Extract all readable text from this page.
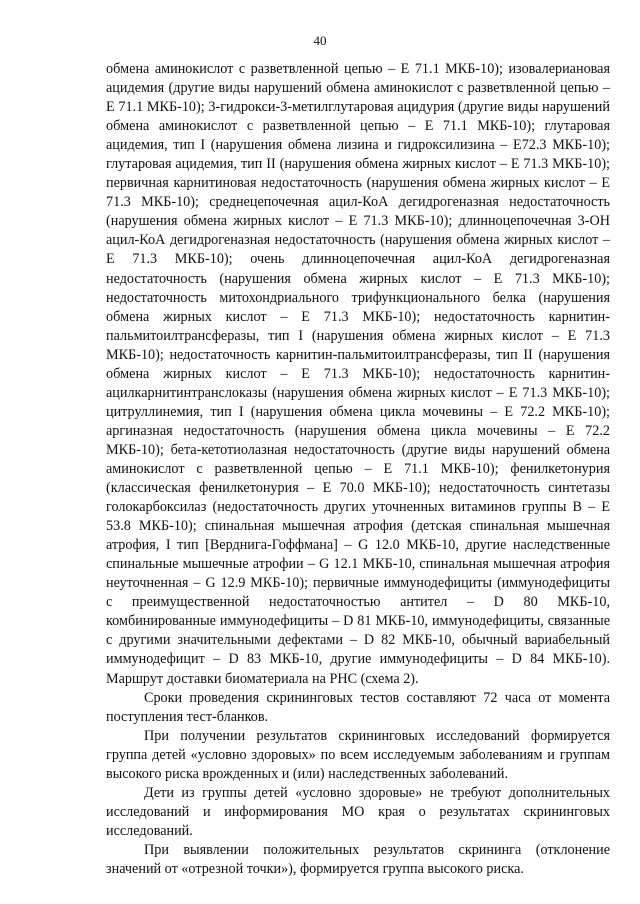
40

обмена аминокислот с разветвленной цепью – Е 71.1 МКБ-10); изовалериановая ацидемия (другие виды нарушений обмена аминокислот с разветвленной цепью – Е 71.1 МКБ-10); 3-гидрокси-3-метилглутаровая ацидурия (другие виды нарушений обмена аминокислот с разветвленной цепью – Е 71.1 МКБ-10); глутаровая ацидемия, тип I (нарушения обмена лизина и гидроксилизина – Е72.3 МКБ-10); глутаровая ацидемия, тип II (нарушения обмена жирных кислот – Е 71.3 МКБ-10); первичная карнитиновая недостаточность (нарушения обмена жирных кислот – Е 71.3 МКБ-10); среднецепочечная ацил-КоА дегидрогеназная недостаточность (нарушения обмена жирных кислот – Е 71.3 МКБ-10); длинноцепочечная 3-ОН ацил-КоА дегидрогеназная недостаточность (нарушения обмена жирных кислот – Е 71.3 МКБ-10); очень длинноцепочечная ацил-КоА дегидрогеназная недостаточность (нарушения обмена жирных кислот – Е 71.3 МКБ-10); недостаточность митохондриального трифункционального белка (нарушения обмена жирных кислот – Е 71.3 МКБ-10); недостаточность карнитин-пальмитоилтрансферазы, тип I (нарушения обмена жирных кислот – Е 71.3 МКБ-10); недостаточность карнитин-пальмитоилтрансферазы, тип II (нарушения обмена жирных кислот – Е 71.3 МКБ-10); недостаточность карнитин-ацилкарнитинтранслоказы (нарушения обмена жирных кислот – Е 71.3 МКБ-10); цитруллинемия, тип I (нарушения обмена цикла мочевины – Е 72.2 МКБ-10); аргиназная недостаточность (нарушения обмена цикла мочевины – Е 72.2 МКБ-10); бета-кетотиолазная недостаточность (другие виды нарушений обмена аминокислот с разветвленной цепью – Е 71.1 МКБ-10); фенилкетонурия (классическая фенилкетонурия – Е 70.0 МКБ-10); недостаточность синтетазы голокарбоксилаз (недостаточность других уточненных витаминов группы В – Е 53.8 МКБ-10); спинальная мышечная атрофия (детская спинальная мышечная атрофия, I тип [Верднига-Гоффмана] – G 12.0 МКБ-10, другие наследственные спинальные мышечные атрофии – G 12.1 МКБ-10, спинальная мышечная атрофия неуточненная – G 12.9 МКБ-10); первичные иммунодефициты (иммунодефициты с преимущественной недостаточностью антител – D 80 МКБ-10, комбинированные иммунодефициты – D 81 МКБ-10, иммунодефициты, связанные с другими значительными дефектами – D 82 МКБ-10, обычный вариабельный иммунодефицит – D 83 МКБ-10, другие иммунодефициты – D 84 МКБ-10). Маршрут доставки биоматериала на РНС (схема 2).

Сроки проведения скрининговых тестов составляют 72 часа от момента поступления тест-бланков.

При получении результатов скрининговых исследований формируется группа детей «условно здоровых» по всем исследуемым заболеваниям и группам высокого риска врожденных и (или) наследственных заболеваний.

Дети из группы детей «условно здоровые» не требуют дополнительных исследований и информирования МО края о результатах скрининговых исследований.

При выявлении положительных результатов скрининга (отклонение значений от «отрезной точки»), формируется группа высокого риска.
